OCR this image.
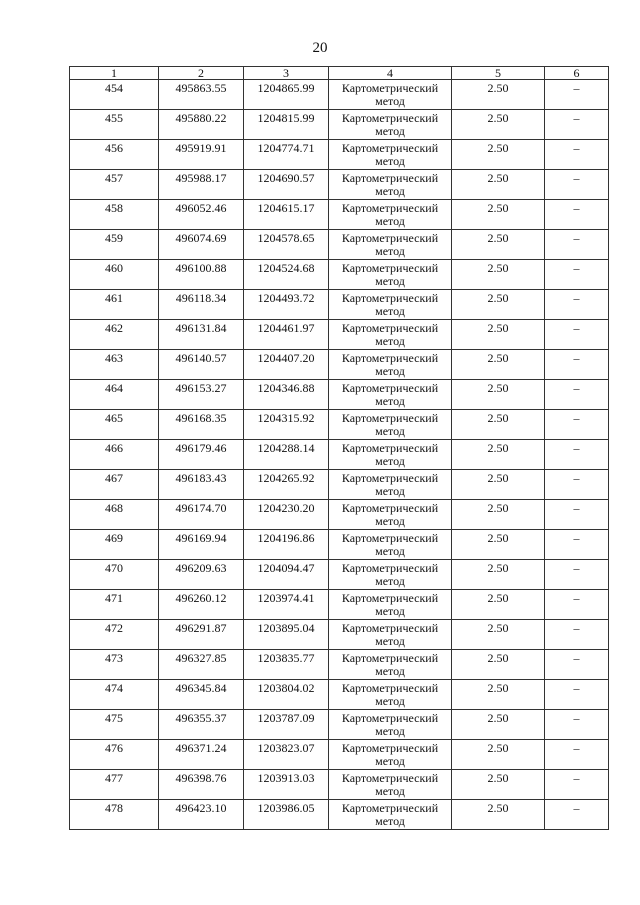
20
1	2	3	4	5	6
454	495863.55	1204865.99	Картометрический метод	2.50	–
455	495880.22	1204815.99	Картометрический метод	2.50	–
456	495919.91	1204774.71	Картометрический метод	2.50	–
457	495988.17	1204690.57	Картометрический метод	2.50	–
458	496052.46	1204615.17	Картометрический метод	2.50	–
459	496074.69	1204578.65	Картометрический метод	2.50	–
460	496100.88	1204524.68	Картометрический метод	2.50	–
461	496118.34	1204493.72	Картометрический метод	2.50	–
462	496131.84	1204461.97	Картометрический метод	2.50	–
463	496140.57	1204407.20	Картометрический метод	2.50	–
464	496153.27	1204346.88	Картометрический метод	2.50	–
465	496168.35	1204315.92	Картометрический метод	2.50	–
466	496179.46	1204288.14	Картометрический метод	2.50	–
467	496183.43	1204265.92	Картометрический метод	2.50	–
468	496174.70	1204230.20	Картометрический метод	2.50	–
469	496169.94	1204196.86	Картометрический метод	2.50	–
470	496209.63	1204094.47	Картометрический метод	2.50	–
471	496260.12	1203974.41	Картометрический метод	2.50	–
472	496291.87	1203895.04	Картометрический метод	2.50	–
473	496327.85	1203835.77	Картометрический метод	2.50	–
474	496345.84	1203804.02	Картометрический метод	2.50	–
475	496355.37	1203787.09	Картометрический метод	2.50	–
476	496371.24	1203823.07	Картометрический метод	2.50	–
477	496398.76	1203913.03	Картометрический метод	2.50	–
478	496423.10	1203986.05	Картометрический метод	2.50	–
